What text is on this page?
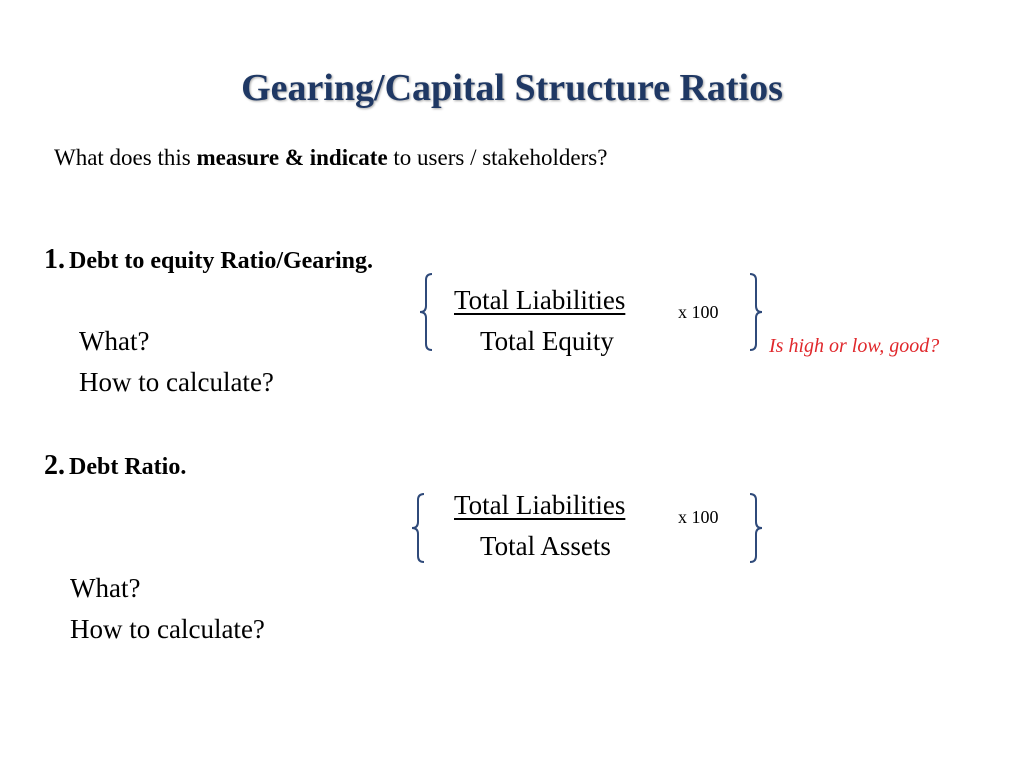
Gearing/Capital Structure Ratios
What does this measure & indicate to users / stakeholders?
1. Debt to equity Ratio/Gearing.
Total Liabilities	x 100
Total Equity	Is high or low, good?
What?
How to calculate?
2. Debt Ratio.
Total Liabilities	x 100
Total Assets
What?
How to calculate?
